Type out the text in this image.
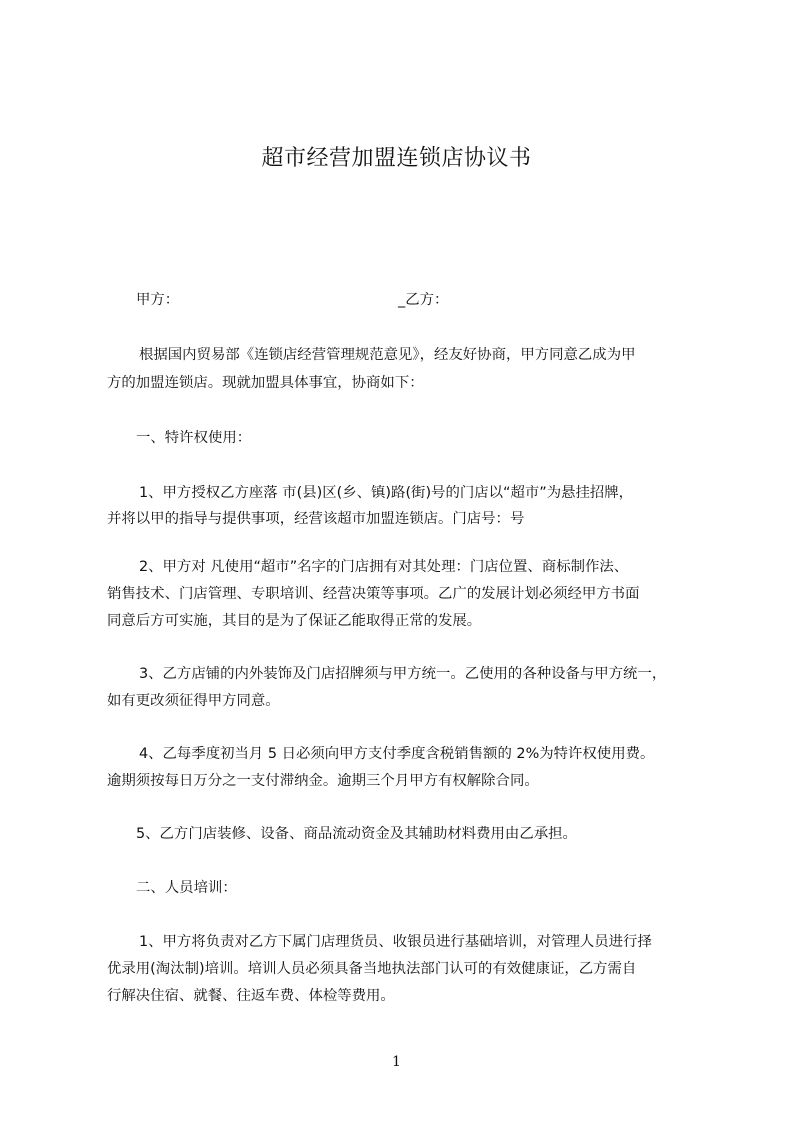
超市经营加盟连锁店协议书
甲方：	_乙方：
根据国内贸易部《连锁店经营管理规范意见》，经友好协商，甲方同意乙成为甲
方的加盟连锁店。现就加盟具体事宜，协商如下：
一、特许权使用：
1、甲方授权乙方座落 市(县)区(乡、镇)路(街)号的门店以“超市”为悬挂招牌，
并将以甲的指导与提供事项，经营该超市加盟连锁店。门店号：号
2、甲方对 凡使用“超市”名字的门店拥有对其处理：门店位置、商标制作法、
销售技术、门店管理、专职培训、经营决策等事项。乙广的发展计划必须经甲方书面
同意后方可实施，其目的是为了保证乙能取得正常的发展。
3、乙方店铺的内外装饰及门店招牌须与甲方统一。乙使用的各种设备与甲方统一，
如有更改须征得甲方同意。
4、乙每季度初当月 5 日必须向甲方支付季度含税销售额的 2%为特许权使用费。
逾期须按每日万分之一支付滞纳金。逾期三个月甲方有权解除合同。
5、乙方门店装修、设备、商品流动资金及其辅助材料费用由乙承担。
二、人员培训：
1、甲方将负责对乙方下属门店理货员、收银员进行基础培训，对管理人员进行择
优录用(淘汰制)培训。培训人员必须具备当地执法部门认可的有效健康证，乙方需自
行解决住宿、就餐、往返车费、体检等费用。
1
